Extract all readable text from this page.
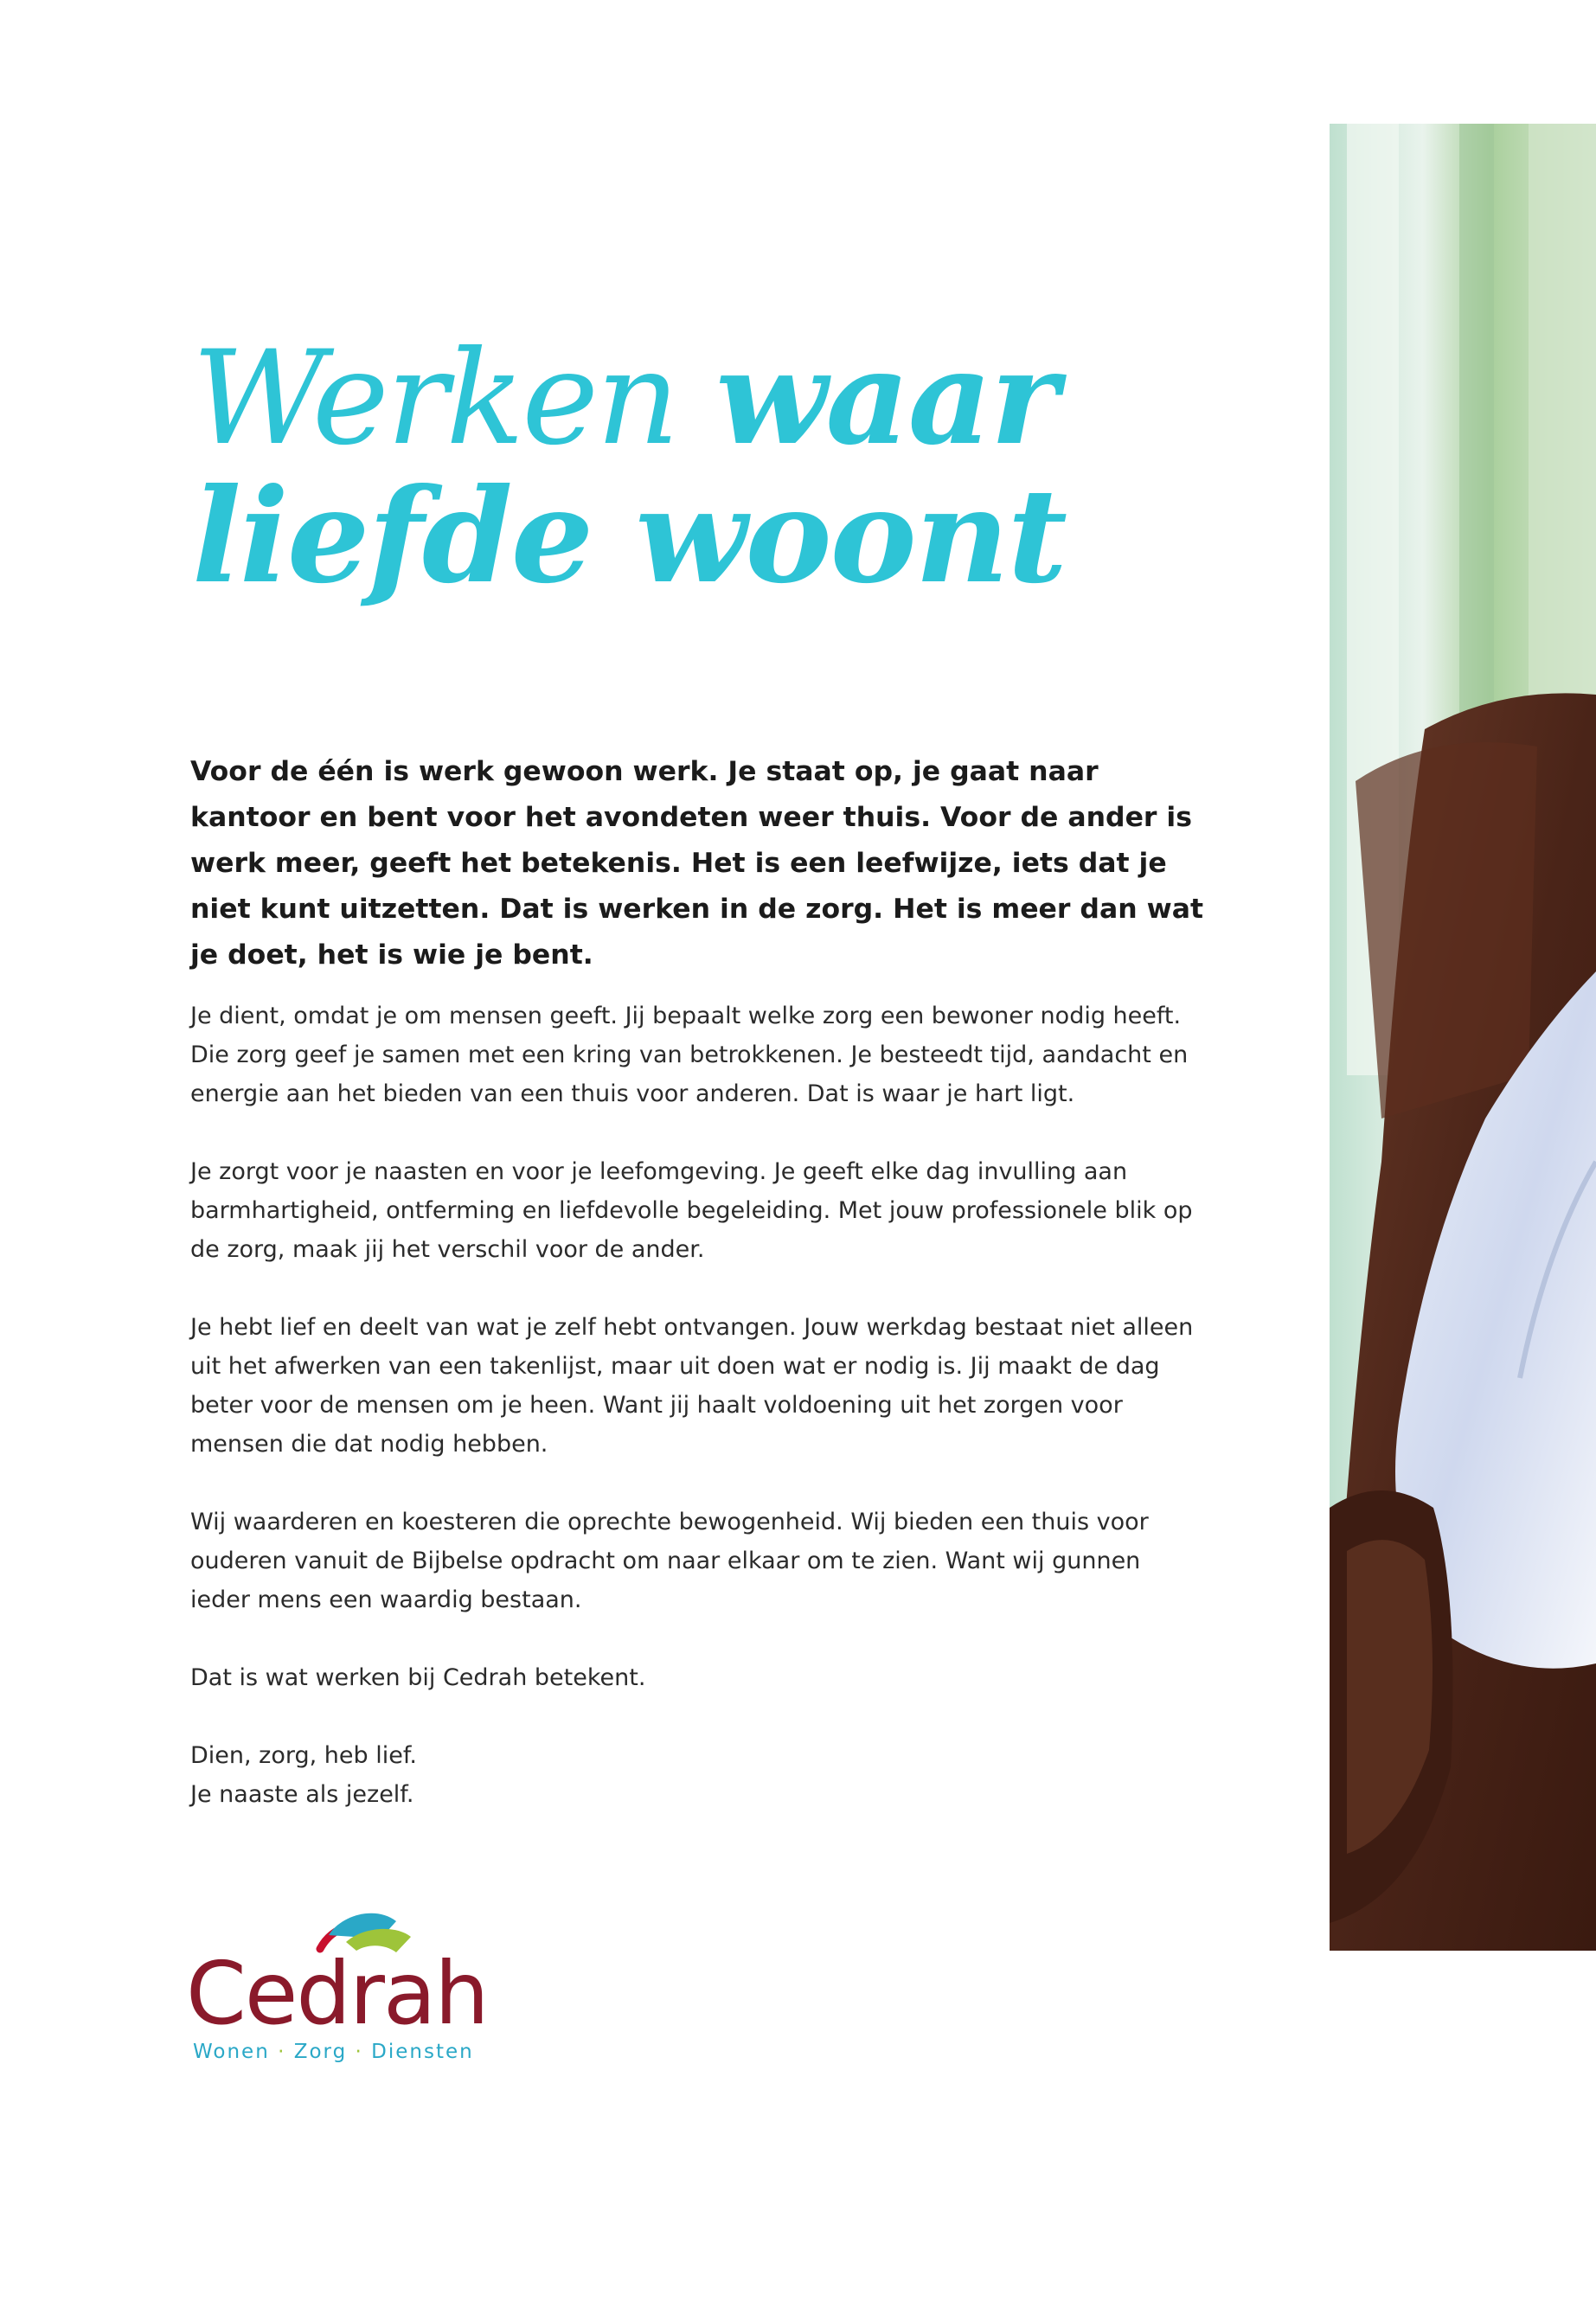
Werken waar
liefde woont

Voor de één is werk gewoon werk. Je staat op, je gaat naar kantoor en bent voor het avondeten weer thuis. Voor de ander is werk meer, geeft het betekenis. Het is een leefwijze, iets dat je niet kunt uitzetten. Dat is werken in de zorg. Het is meer dan wat je doet, het is wie je bent.

Je dient, omdat je om mensen geeft. Jij bepaalt welke zorg een bewoner nodig heeft. Die zorg geef je samen met een kring van betrokkenen. Je besteedt tijd, aandacht en energie aan het bieden van een thuis voor anderen. Dat is waar je hart ligt.

Je zorgt voor je naasten en voor je leefomgeving. Je geeft elke dag invulling aan barmhartigheid, ontferming en liefdevolle begeleiding. Met jouw professionele blik op de zorg, maak jij het verschil voor de ander.

Je hebt lief en deelt van wat je zelf hebt ontvangen. Jouw werkdag bestaat niet alleen uit het afwerken van een takenlijst, maar uit doen wat er nodig is. Jij maakt de dag beter voor de mensen om je heen. Want jij haalt voldoening uit het zorgen voor mensen die dat nodig hebben.

Wij waarderen en koesteren die oprechte bewogenheid. Wij bieden een thuis voor ouderen vanuit de Bijbelse opdracht om naar elkaar om te zien. Want wij gunnen ieder mens een waardig bestaan.

Dat is wat werken bij Cedrah betekent.

Dien, zorg, heb lief.
Je naaste als jezelf.

Cedrah
Wonen · Zorg · Diensten
